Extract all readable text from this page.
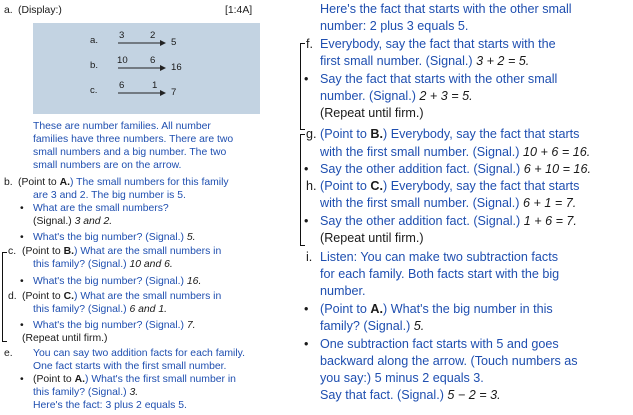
a. (Display:)	[1:4A]
a. 3	2
5
b. 10 6
16
c. 6	1
7
These are number families. All number
families have three numbers. There are two
small numbers and a big number. The two
small numbers are on the arrow.
b. (Point to A.) The small numbers for this family
are 3 and 2. The big number is 5.
• What are the small numbers?
(Signal.) 3 and 2.
• What's the big number? (Signal.) 5.
c. (Point to B.) What are the small numbers in
this family? (Signal.) 10 and 6.
• What's the big number? (Signal.) 16.
d. (Point to C.) What are the small numbers in
this family? (Signal.) 6 and 1.
• What's the big number? (Signal.) 7.
(Repeat until firm.)
e. You can say two addition facts for each family.
One fact starts with the first small number.
• (Point to A.) What's the first small number in
this family? (Signal.) 3.
Here's the fact: 3 plus 2 equals 5.
Here's the fact that starts with the other small
number: 2 plus 3 equals 5.
f. Everybody, say the fact that starts with the
first small number. (Signal.) 3 + 2 = 5.
• Say the fact that starts with the other small
number. (Signal.) 2 + 3 = 5.
(Repeat until firm.)
g. (Point to B.) Everybody, say the fact that starts
with the first small number. (Signal.) 10 + 6 = 16.
• Say the other addition fact. (Signal.) 6 + 10 = 16.
h. (Point to C.) Everybody, say the fact that starts
with the first small number. (Signal.) 6 + 1 = 7.
• Say the other addition fact. (Signal.) 1 + 6 = 7.
(Repeat until firm.)
i. Listen: You can make two subtraction facts
for each family. Both facts start with the big
number.
• (Point to A.) What's the big number in this
family? (Signal.) 5.
• One subtraction fact starts with 5 and goes
backward along the arrow. (Touch numbers as
you say:) 5 minus 2 equals 3.
Say that fact. (Signal.) 5 − 2 = 3.
